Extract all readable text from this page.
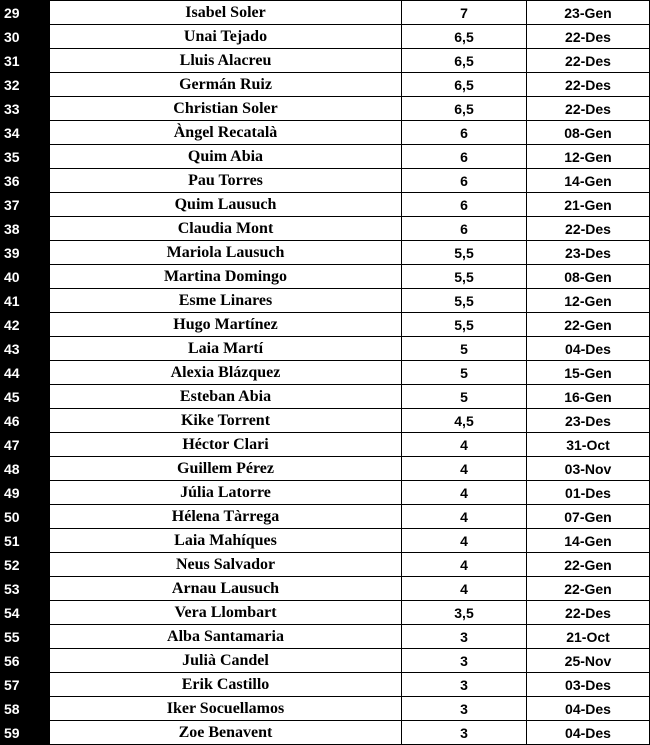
29	Isabel Soler	7	23-Gen
30	Unai Tejado	6,5	22-Des
31	Lluis Alacreu	6,5	22-Des
32	Germán Ruiz	6,5	22-Des
33	Christian Soler	6,5	22-Des
34	Àngel Recatalà	6	08-Gen
35	Quim Abia	6	12-Gen
36	Pau Torres	6	14-Gen
37	Quim Lausuch	6	21-Gen
38	Claudia Mont	6	22-Des
39	Mariola Lausuch	5,5	23-Des
40	Martina Domingo	5,5	08-Gen
41	Esme Linares	5,5	12-Gen
42	Hugo Martínez	5,5	22-Gen
43	Laia Martí	5	04-Des
44	Alexia Blázquez	5	15-Gen
45	Esteban Abia	5	16-Gen
46	Kike Torrent	4,5	23-Des
47	Héctor Clari	4	31-Oct
48	Guillem Pérez	4	03-Nov
49	Júlia Latorre	4	01-Des
50	Hélena Tàrrega	4	07-Gen
51	Laia Mahíques	4	14-Gen
52	Neus Salvador	4	22-Gen
53	Arnau Lausuch	4	22-Gen
54	Vera Llombart	3,5	22-Des
55	Alba Santamaria	3	21-Oct
56	Julià Candel	3	25-Nov
57	Erik Castillo	3	03-Des
58	Iker Socuellamos	3	04-Des
59	Zoe Benavent	3	04-Des
